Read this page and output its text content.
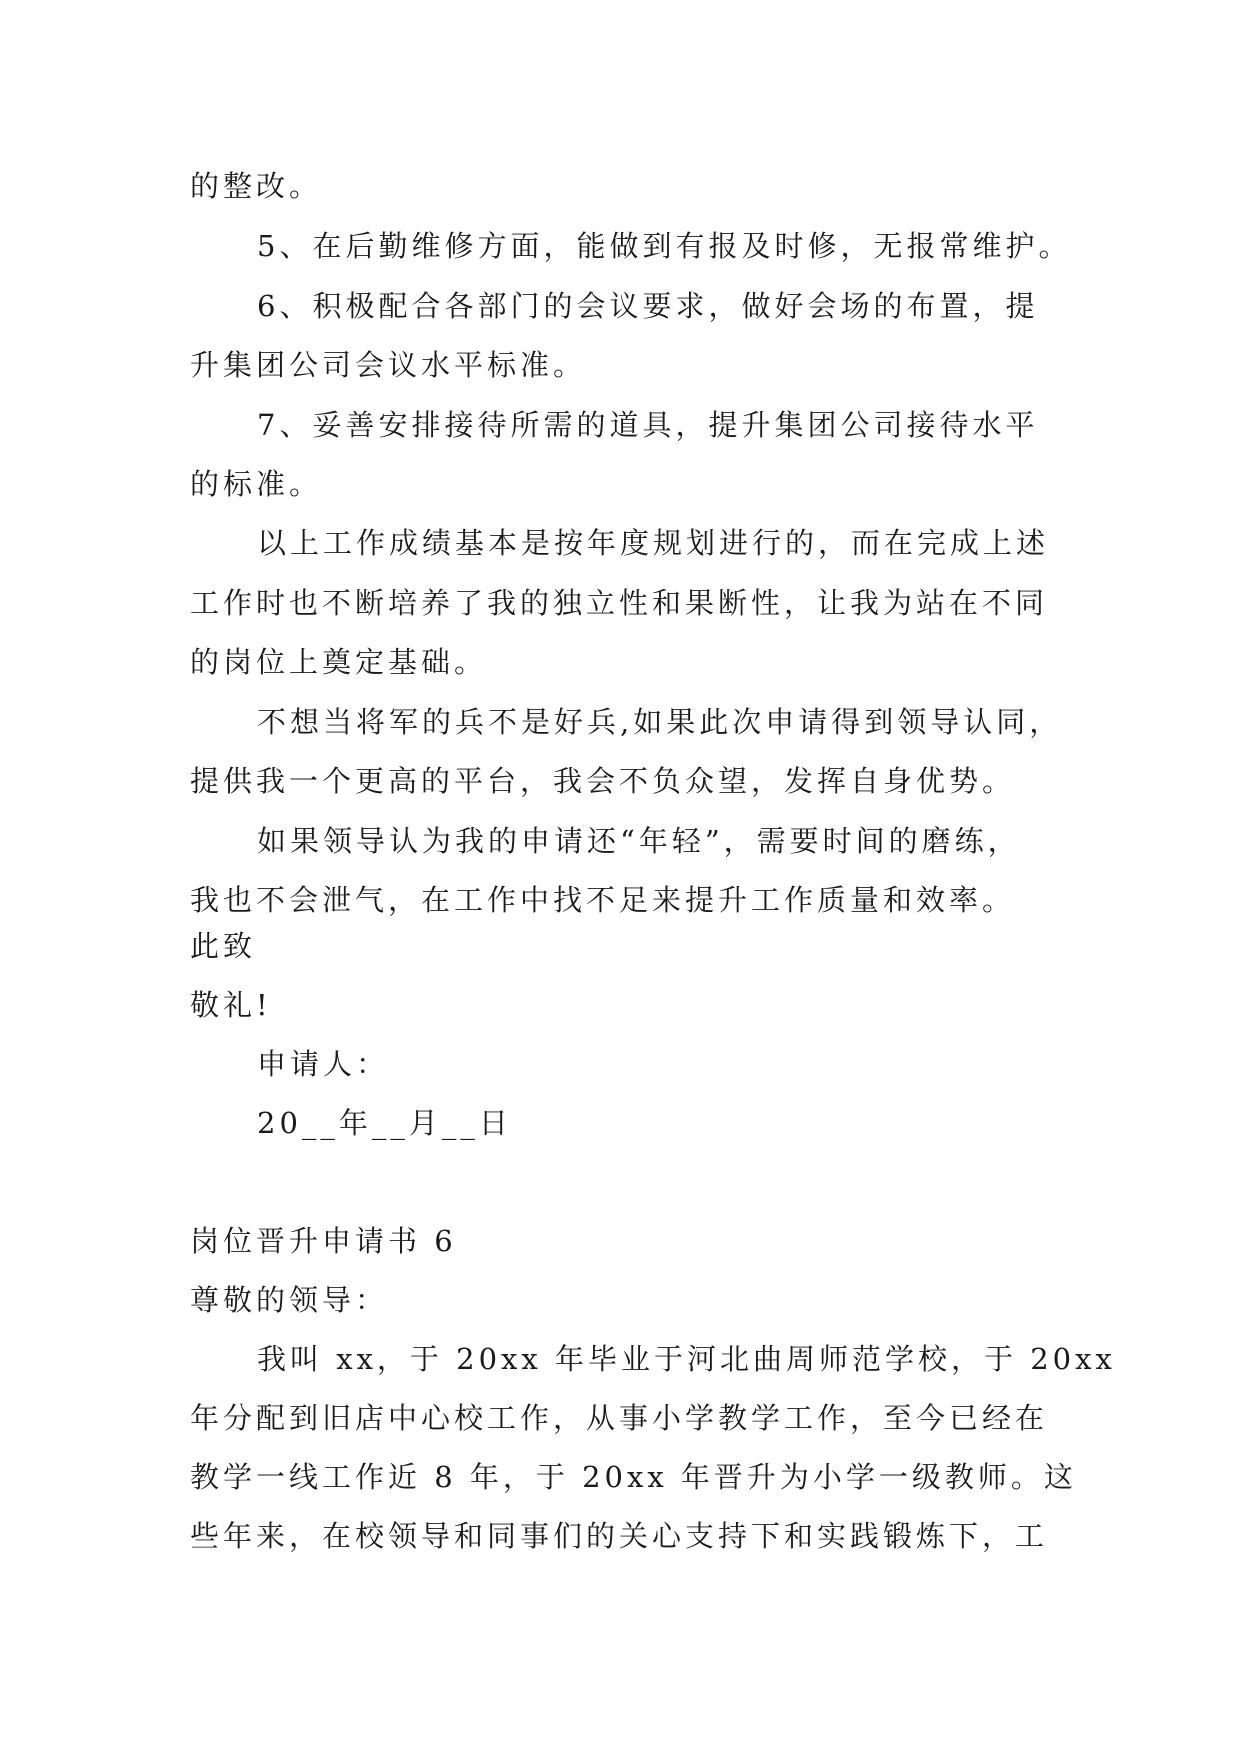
的整改。
5、在后勤维修方面，能做到有报及时修，无报常维护。
6、积极配合各部门的会议要求，做好会场的布置，提
升集团公司会议水平标准。
7、妥善安排接待所需的道具，提升集团公司接待水平
的标准。
以上工作成绩基本是按年度规划进行的，而在完成上述
工作时也不断培养了我的独立性和果断性，让我为站在不同
的岗位上奠定基础。
不想当将军的兵不是好兵,如果此次申请得到领导认同，
提供我一个更高的平台，我会不负众望，发挥自身优势。
如果领导认为我的申请还“年轻”，需要时间的磨练，
我也不会泄气，在工作中找不足来提升工作质量和效率。
此致
敬礼!
申请人：
20__年__月__日
岗位晋升申请书 6
尊敬的领导：
我叫 xx，于 20xx 年毕业于河北曲周师范学校，于 20xx
年分配到旧店中心校工作，从事小学教学工作，至今已经在
教学一线工作近 8 年，于 20xx 年晋升为小学一级教师。这
些年来，在校领导和同事们的关心支持下和实践锻炼下，工
